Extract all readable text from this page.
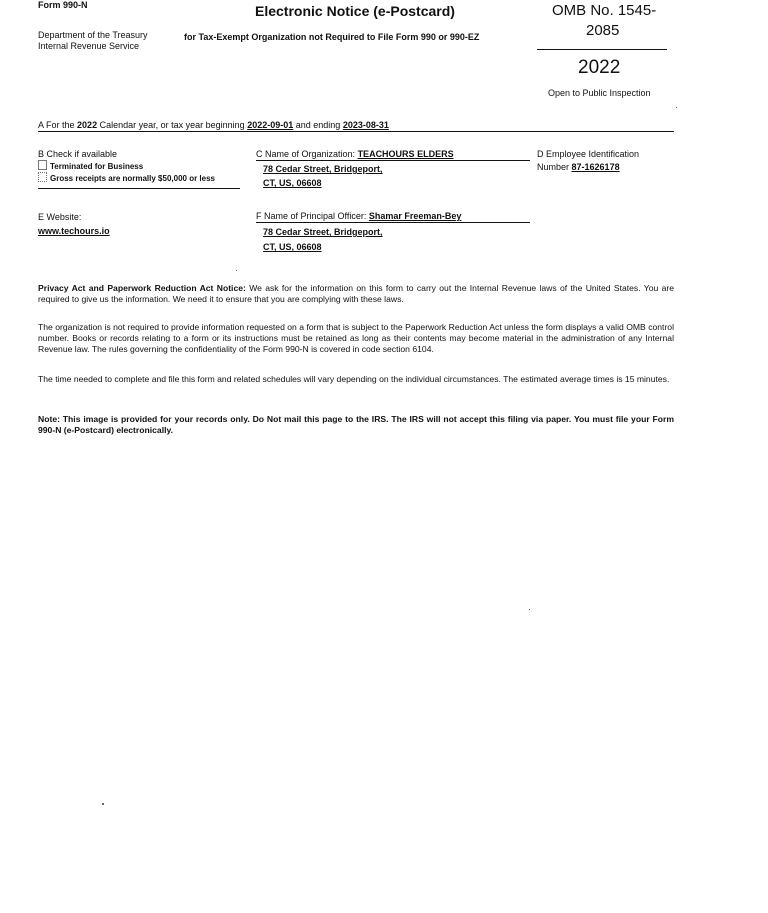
Form 990-N	Electronic Notice (e-Postcard)
Department of the Treasury
Internal Revenue Service
for Tax-Exempt Organization not Required to File Form 990 or 990-EZ
OMB No. 1545-
2085
2022
Open to Public Inspection
A For the 2022 Calendar year, or tax year beginning 2022-09-01 and ending 2023-08-31
B Check if available
Terminated for Business
Gross receipts are normally $50,000 or less
C Name of Organization: TEACHOURS ELDERS
78 Cedar Street, Bridgeport,
CT, US, 06608
D Employee Identification
Number 87-1626178
E Website:
www.techours.io
F Name of Principal Officer: Shamar Freeman-Bey
78 Cedar Street, Bridgeport,
CT, US, 06608
Privacy Act and Paperwork Reduction Act Notice: We ask for the information on this form to carry out the Internal Revenue laws of the United States. You are required to give us the information. We need it to ensure that you are complying with these laws.
The organization is not required to provide information requested on a form that is subject to the Paperwork Reduction Act unless the form displays a valid OMB control number. Books or records relating to a form or its instructions must be retained as long as their contents may become material in the administration of any Internal Revenue law. The rules governing the confidentiality of the Form 990-N is covered in code section 6104.
The time needed to complete and file this form and related schedules will vary depending on the individual circumstances. The estimated average times is 15 minutes.
Note: This image is provided for your records only. Do Not mail this page to the IRS. The IRS will not accept this filing via paper. You must file your Form 990-N (e-Postcard) electronically.
